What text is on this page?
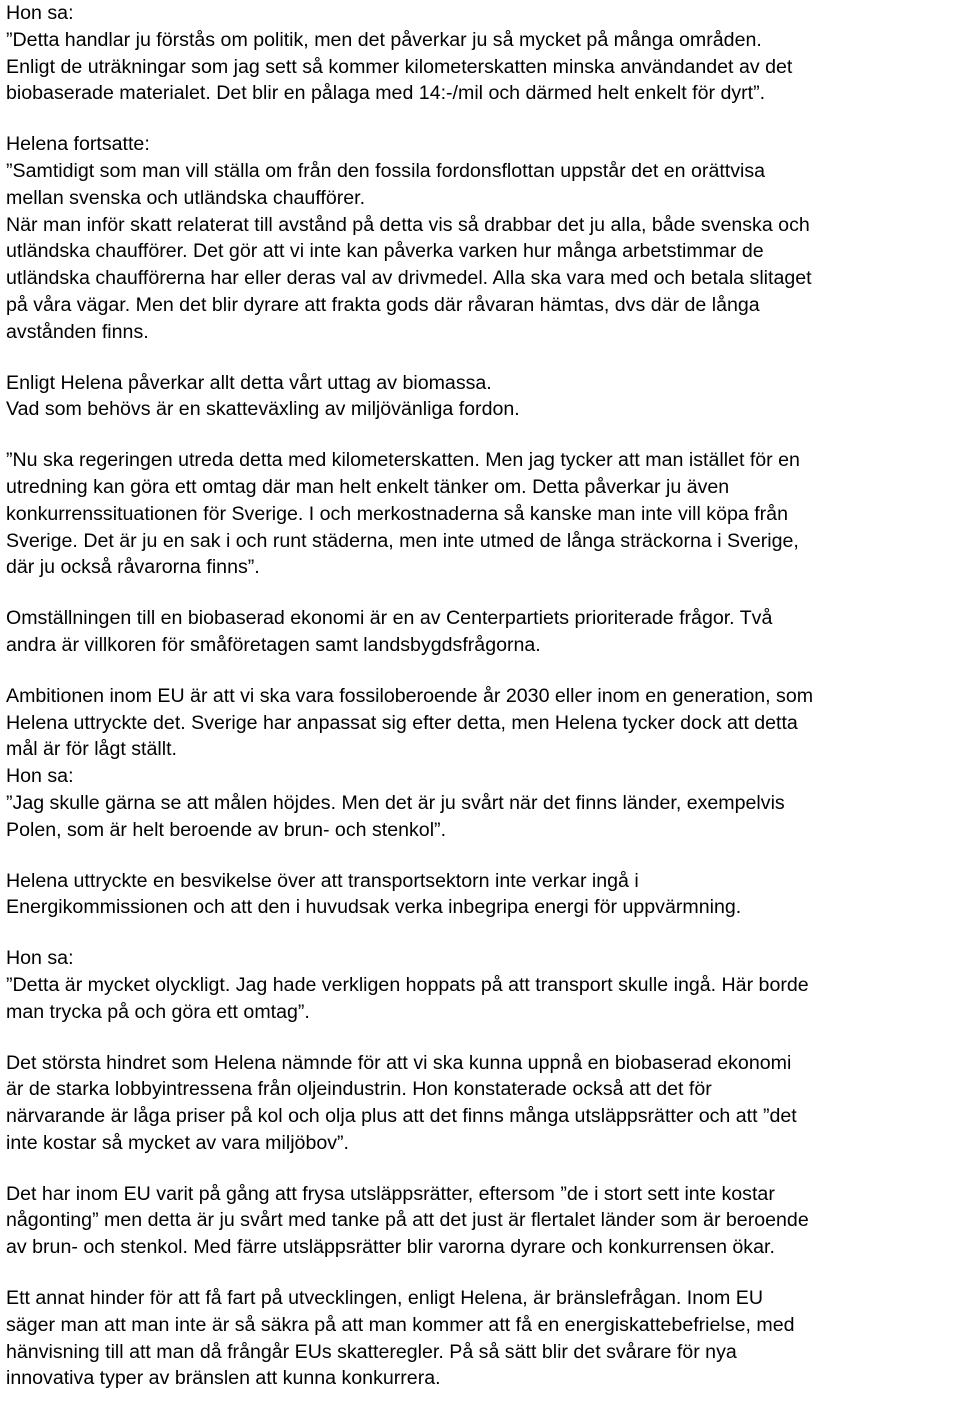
Hon sa:
”Detta handlar ju förstås om politik, men det påverkar ju så mycket på många områden.
Enligt de uträkningar som jag sett så kommer kilometerskatten minska användandet av det
biobaserade materialet. Det blir en pålaga med 14:-/mil och därmed helt enkelt för dyrt”.
Helena fortsatte:
”Samtidigt som man vill ställa om från den fossila fordonsflottan uppstår det en orättvisa
mellan svenska och utländska chaufförer.
När man inför skatt relaterat till avstånd på detta vis så drabbar det ju alla, både svenska och
utländska chaufförer. Det gör att vi inte kan påverka varken hur många arbetstimmar de
utländska chaufförerna har eller deras val av drivmedel. Alla ska vara med och betala slitaget
på våra vägar. Men det blir dyrare att frakta gods där råvaran hämtas, dvs där de långa
avstånden finns.
Enligt Helena påverkar allt detta vårt uttag av biomassa.
Vad som behövs är en skatteväxling av miljövänliga fordon.
”Nu ska regeringen utreda detta med kilometerskatten. Men jag tycker att man istället för en
utredning kan göra ett omtag där man helt enkelt tänker om. Detta påverkar ju även
konkurrenssituationen för Sverige. I och merkostnaderna så kanske man inte vill köpa från
Sverige. Det är ju en sak i och runt städerna, men inte utmed de långa sträckorna i Sverige,
där ju också råvarorna finns”.
Omställningen till en biobaserad ekonomi är en av Centerpartiets prioriterade frågor. Två
andra är villkoren för småföretagen samt landsbygdsfrågorna.
Ambitionen inom EU är att vi ska vara fossiloberoende år 2030 eller inom en generation, som
Helena uttryckte det. Sverige har anpassat sig efter detta, men Helena tycker dock att detta
mål är för lågt ställt.
Hon sa:
”Jag skulle gärna se att målen höjdes. Men det är ju svårt när det finns länder, exempelvis
Polen, som är helt beroende av brun- och stenkol”.
Helena uttryckte en besvikelse över att transportsektorn inte verkar ingå i
Energikommissionen och att den i huvudsak verka inbegripa energi för uppvärmning.
Hon sa:
”Detta är mycket olyckligt. Jag hade verkligen hoppats på att transport skulle ingå. Här borde
man trycka på och göra ett omtag”.
Det största hindret som Helena nämnde för att vi ska kunna uppnå en biobaserad ekonomi
är de starka lobbyintressena från oljeindustrin. Hon konstaterade också att det för
närvarande är låga priser på kol och olja plus att det finns många utsläppsrätter och att ”det
inte kostar så mycket av vara miljöbov”.
Det har inom EU varit på gång att frysa utsläppsrätter, eftersom ”de i stort sett inte kostar
någonting” men detta är ju svårt med tanke på att det just är flertalet länder som är beroende
av brun- och stenkol. Med färre utsläppsrätter blir varorna dyrare och konkurrensen ökar.
Ett annat hinder för att få fart på utvecklingen, enligt Helena, är bränslefrågan. Inom EU
säger man att man inte är så säkra på att man kommer att få en energiskattebefrielse, med
hänvisning till att man då frångår EUs skatteregler. På så sätt blir det svårare för nya
innovativa typer av bränslen att kunna konkurrera.
